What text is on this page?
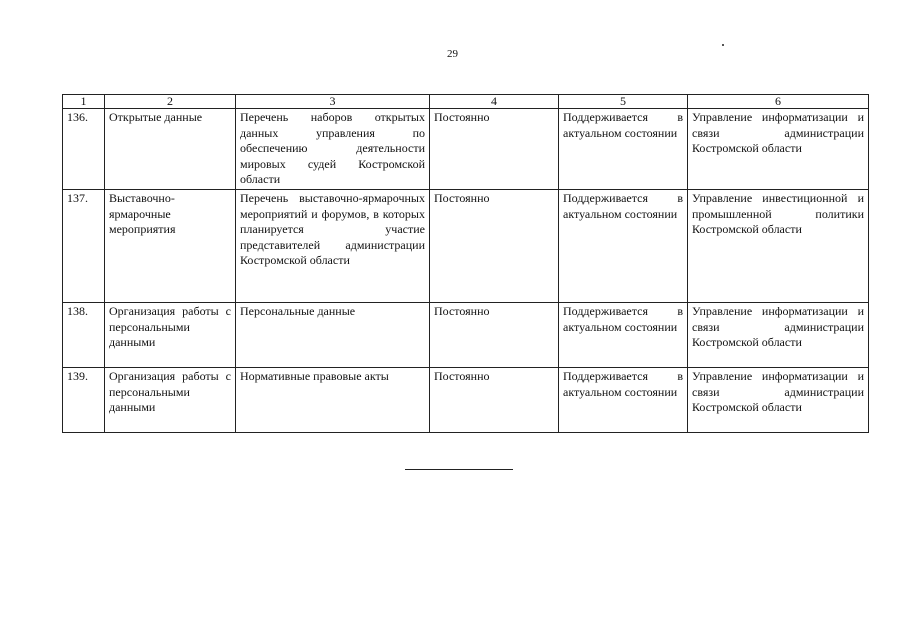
29
1	2	3	4	5	6
136.	Открытые данные	Перечень наборов открытых данных управления по обеспечению деятельности мировых судей Костромской области	Постоянно	Поддерживается в актуальном состоянии	Управление информатизации и связи администрации Костромской области
137.	Выставочно-ярмарочные мероприятия	Перечень выставочно-ярмарочных мероприятий и форумов, в которых планируется участие представителей администрации Костромской области	Постоянно	Поддерживается в актуальном состоянии	Управление инвестиционной и промышленной политики Костромской области
138.	Организация работы с персональными данными	Персональные данные	Постоянно	Поддерживается в актуальном состоянии	Управление информатизации и связи администрации Костромской области
139.	Организация работы с персональными данными	Нормативные правовые акты	Постоянно	Поддерживается в актуальном состоянии	Управление информатизации и связи администрации Костромской области
